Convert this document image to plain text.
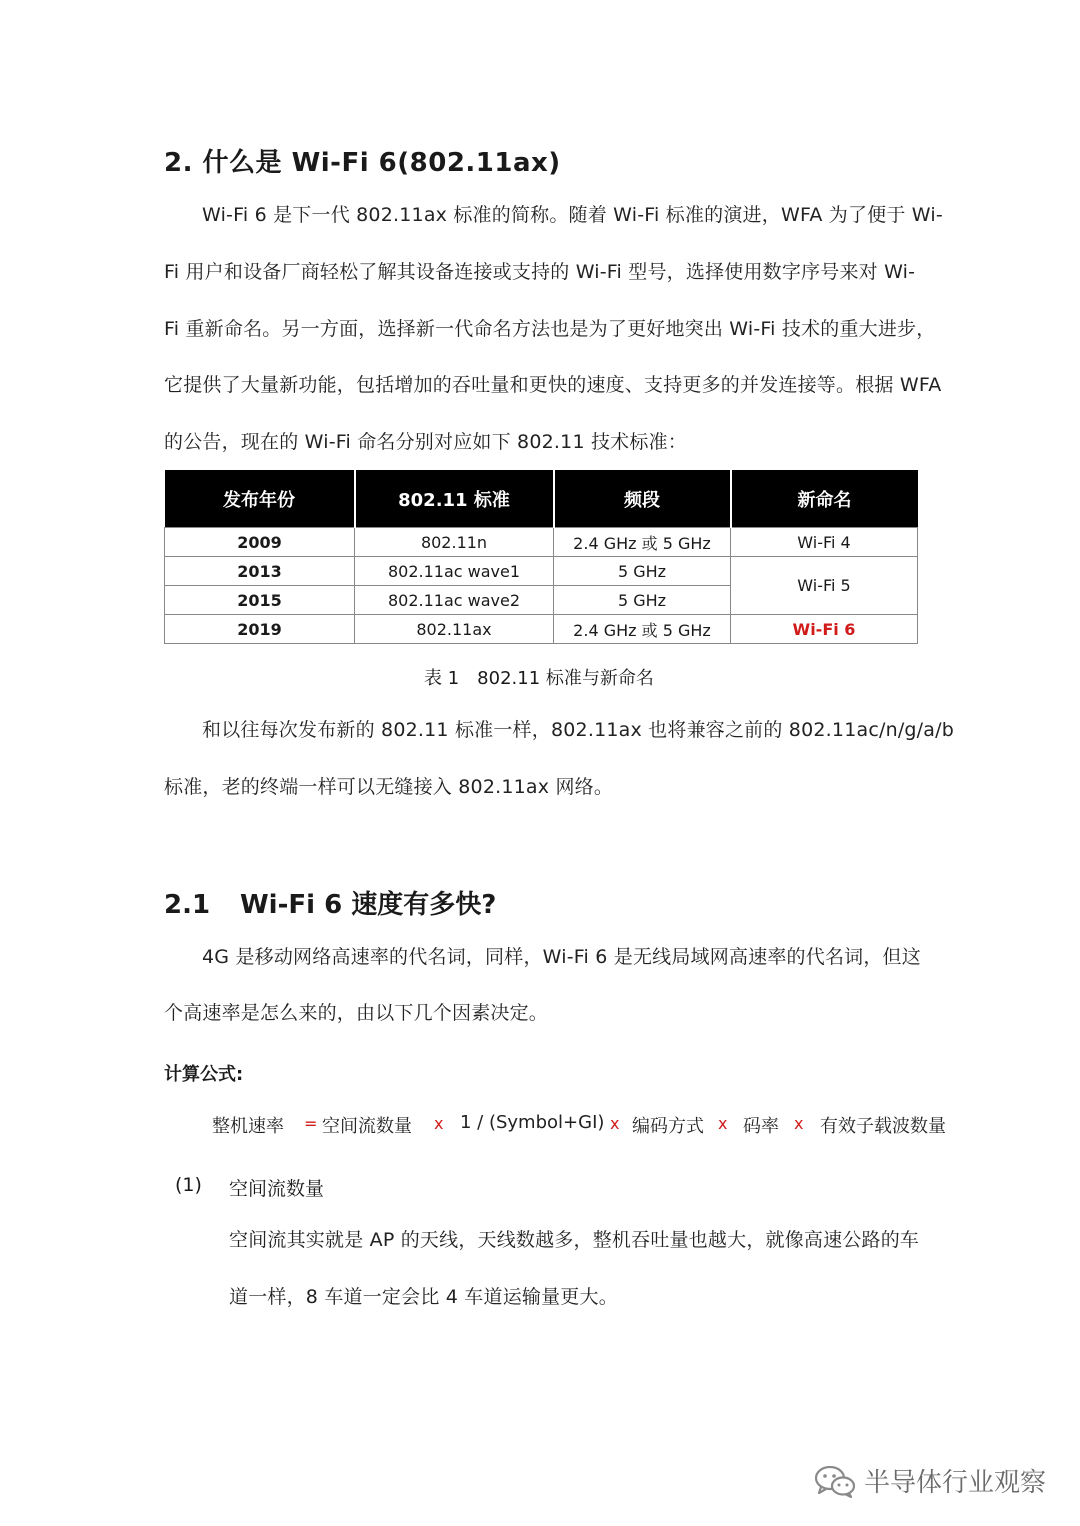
2. 什么是 Wi-Fi 6(802.11ax)
Wi-Fi 6 是下一代 802.11ax 标准的简称。随着 Wi-Fi 标准的演进，WFA 为了便于 Wi-
Fi 用户和设备厂商轻松了解其设备连接或支持的 Wi-Fi 型号，选择使用数字序号来对 Wi-
Fi 重新命名。另一方面，选择新一代命名方法也是为了更好地突出 Wi-Fi 技术的重大进步，
它提供了大量新功能，包括增加的吞吐量和更快的速度、支持更多的并发连接等。根据 WFA
的公告，现在的 Wi-Fi 命名分别对应如下 802.11 技术标准：
发布年份	802.11 标准	频段	新命名
2009	802.11n	2.4 GHz 或 5 GHz	Wi-Fi 4
2013	802.11ac wave1	5 GHz	Wi-Fi 5
2015	802.11ac wave2	5 GHz	
2019	802.11ax	2.4 GHz 或 5 GHz	Wi-Fi 6
表 1　802.11 标准与新命名
和以往每次发布新的 802.11 标准一样，802.11ax 也将兼容之前的 802.11ac/n/g/a/b
标准，老的终端一样可以无缝接入 802.11ax 网络。
2.1 Wi-Fi 6 速度有多快?
4G 是移动网络高速率的代名词，同样，Wi-Fi 6 是无线局域网高速率的代名词，但这
个高速率是怎么来的，由以下几个因素决定。
计算公式:
整机速率 = 空间流数量 x 1 / (Symbol+GI) x 编码方式 x 码率 x 有效子载波数量
(1) 空间流数量
空间流其实就是 AP 的天线，天线数越多，整机吞吐量也越大，就像高速公路的车
道一样，8 车道一定会比 4 车道运输量更大。
半导体行业观察
